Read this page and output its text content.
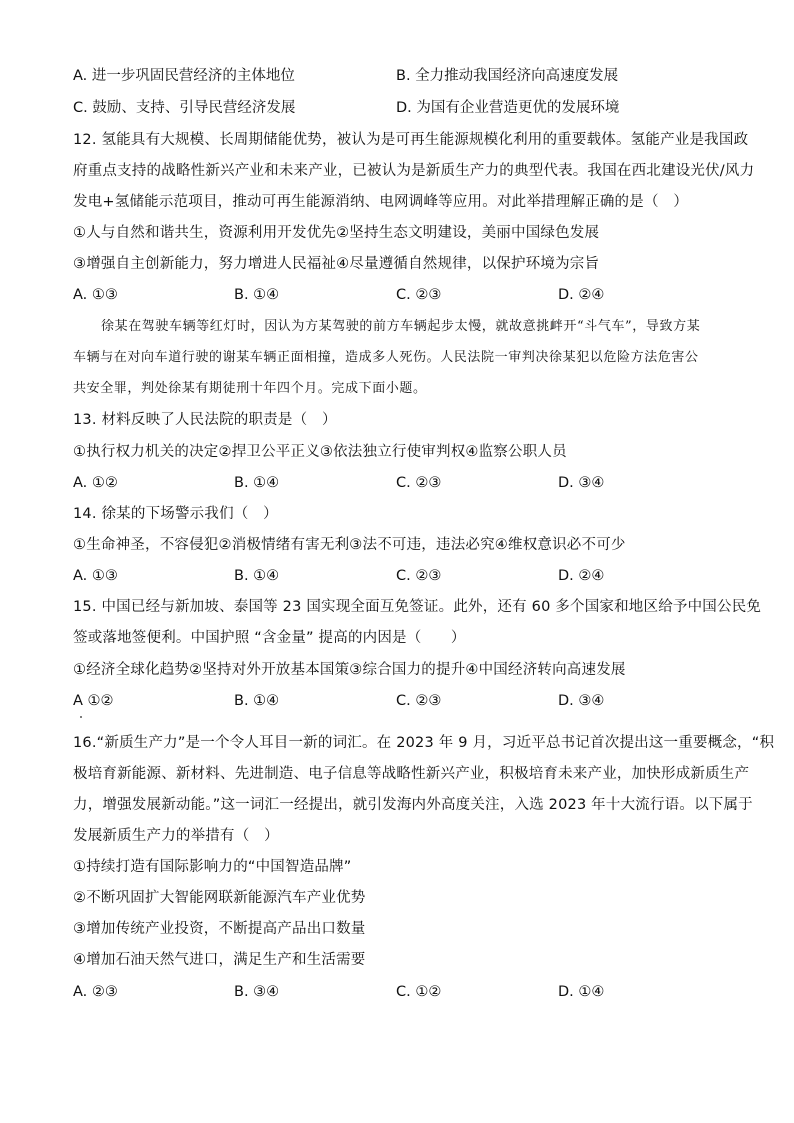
A. 进一步巩固民营经济的主体地位	B. 全力推动我国经济向高速度发展
C. 鼓励、支持、引导民营经济发展	D. 为国有企业营造更优的发展环境
12. 氢能具有大规模、长周期储能优势，被认为是可再生能源规模化利用的重要载体。氢能产业是我国政
府重点支持的战略性新兴产业和未来产业，已被认为是新质生产力的典型代表。我国在西北建设光伏/风力
发电+氢储能示范项目，推动可再生能源消纳、电网调峰等应用。对此举措理解正确的是（　）
①人与自然和谐共生，资源利用开发优先②坚持生态文明建设，美丽中国绿色发展
③增强自主创新能力，努力增进人民福祉④尽量遵循自然规律，以保护环境为宗旨
A. ①③	B. ①④	C. ②③	D. ②④
徐某在驾驶车辆等红灯时，因认为方某驾驶的前方车辆起步太慢，就故意挑衅开“斗气车”，导致方某
车辆与在对向车道行驶的谢某车辆正面相撞，造成多人死伤。人民法院一审判决徐某犯以危险方法危害公
共安全罪，判处徐某有期徒刑十年四个月。完成下面小题。
13. 材料反映了人民法院的职责是（　）
①执行权力机关的决定②捍卫公平正义③依法独立行使审判权④监察公职人员
A. ①②	B. ①④	C. ②③	D. ③④
14. 徐某的下场警示我们（　）
①生命神圣，不容侵犯②消极情绪有害无利③法不可违，违法必究④维权意识必不可少
A. ①③	B. ①④	C. ②③	D. ②④
15. 中国已经与新加坡、泰国等 23 国实现全面互免签证。此外，还有 60 多个国家和地区给予中国公民免
签或落地签便利。中国护照 “含金量” 提高的内因是（　　）
①经济全球化趋势②坚持对外开放基本国策③综合国力的提升④中国经济转向高速发展
A ①②	B. ①④	C. ②③	D. ③④
16.“新质生产力”是一个令人耳目一新的词汇。在 2023 年 9 月，习近平总书记首次提出这一重要概念，“积
极培育新能源、新材料、先进制造、电子信息等战略性新兴产业，积极培育未来产业，加快形成新质生产
力，增强发展新动能。”这一词汇一经提出，就引发海内外高度关注，入选 2023 年十大流行语。以下属于
发展新质生产力的举措有（　）
①持续打造有国际影响力的“中国智造品牌”
②不断巩固扩大智能网联新能源汽车产业优势
③增加传统产业投资，不断提高产品出口数量
④增加石油天然气进口，满足生产和生活需要
A. ②③	B. ③④	C. ①②	D. ①④
